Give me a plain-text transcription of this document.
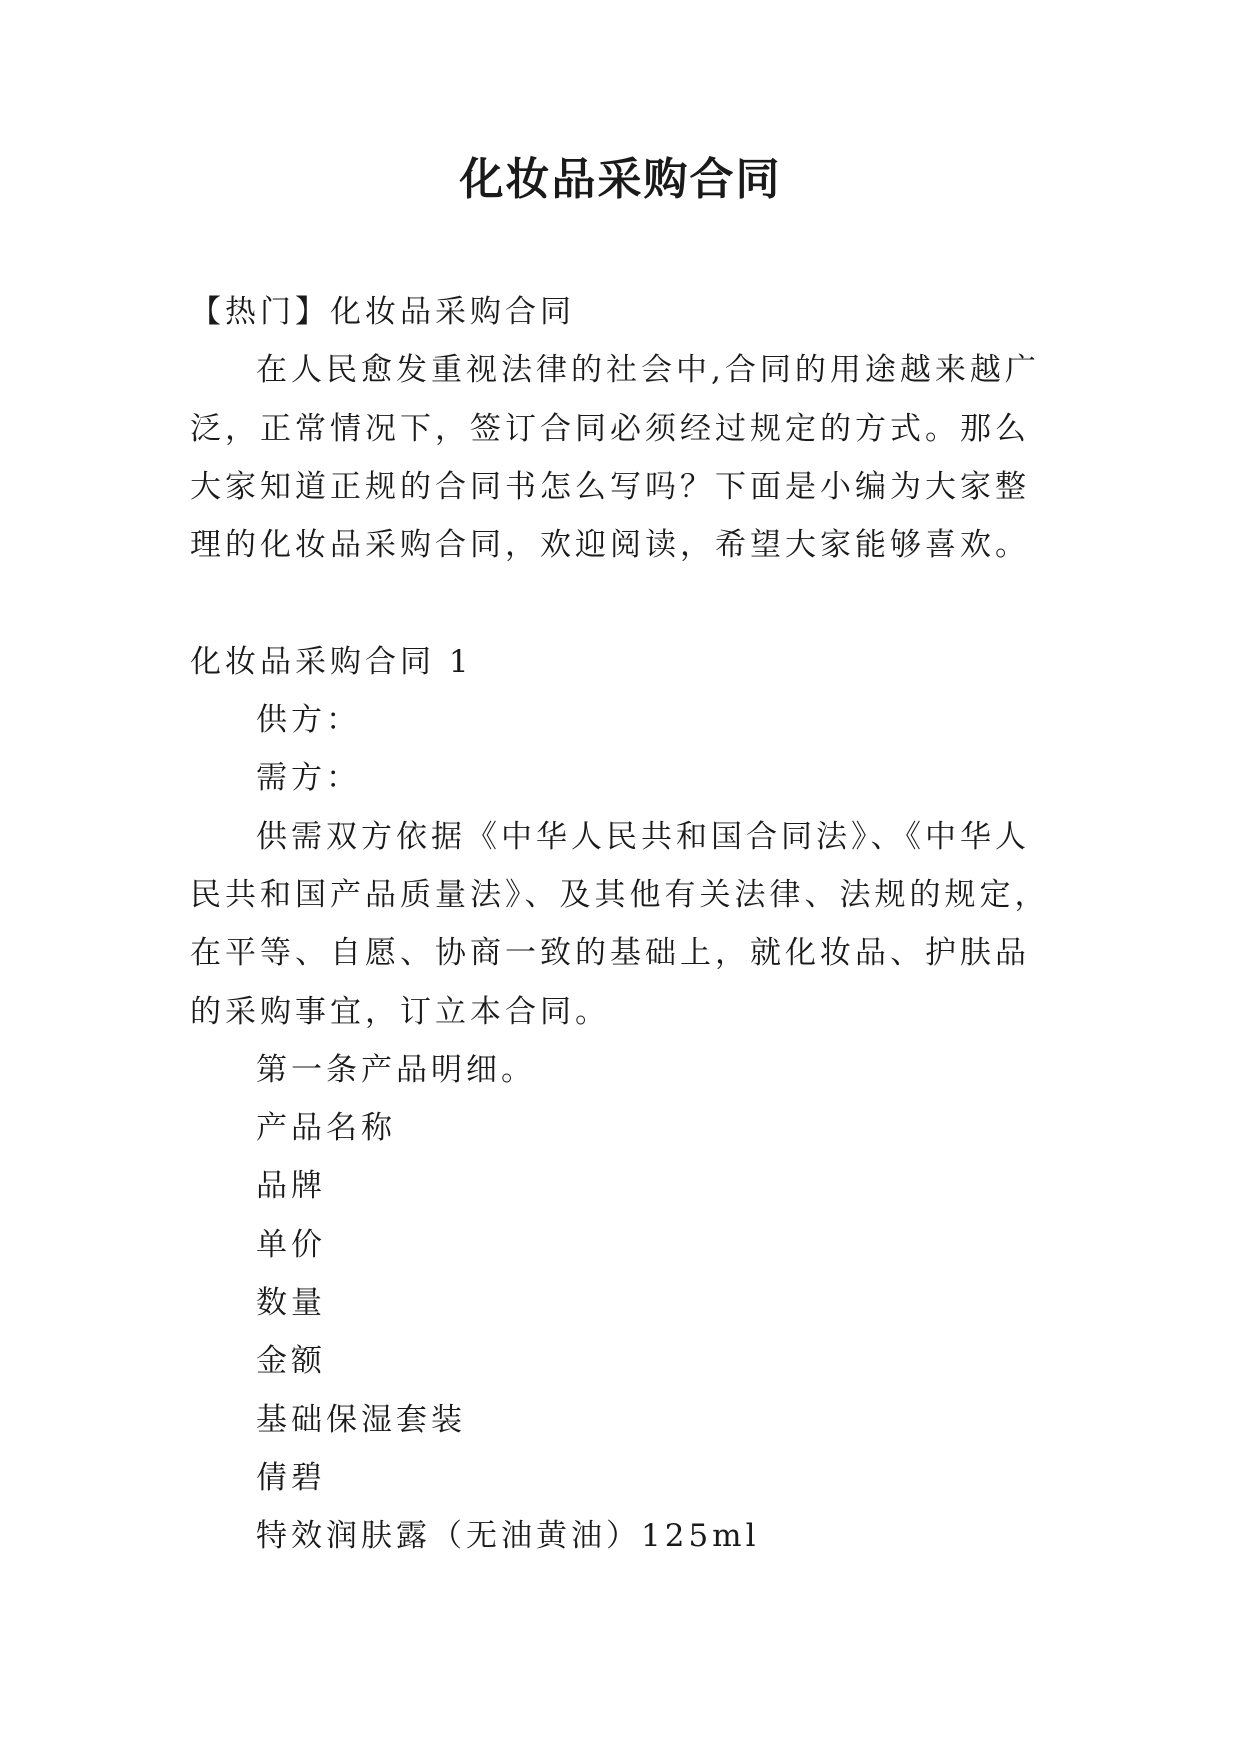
化妆品采购合同

【热门】化妆品采购合同

在人民愈发重视法律的社会中,合同的用途越来越广泛，正常情况下，签订合同必须经过规定的方式。那么大家知道正规的合同书怎么写吗？下面是小编为大家整理的化妆品采购合同，欢迎阅读，希望大家能够喜欢。

化妆品采购合同 1

供方：

需方：

供需双方依据《中华人民共和国合同法》、《中华人民共和国产品质量法》、及其他有关法律、法规的规定，在平等、自愿、协商一致的基础上，就化妆品、护肤品的采购事宜，订立本合同。

第一条产品明细。

产品名称

品牌

单价

数量

金额

基础保湿套装

倩碧

特效润肤露（无油黄油）125ml
